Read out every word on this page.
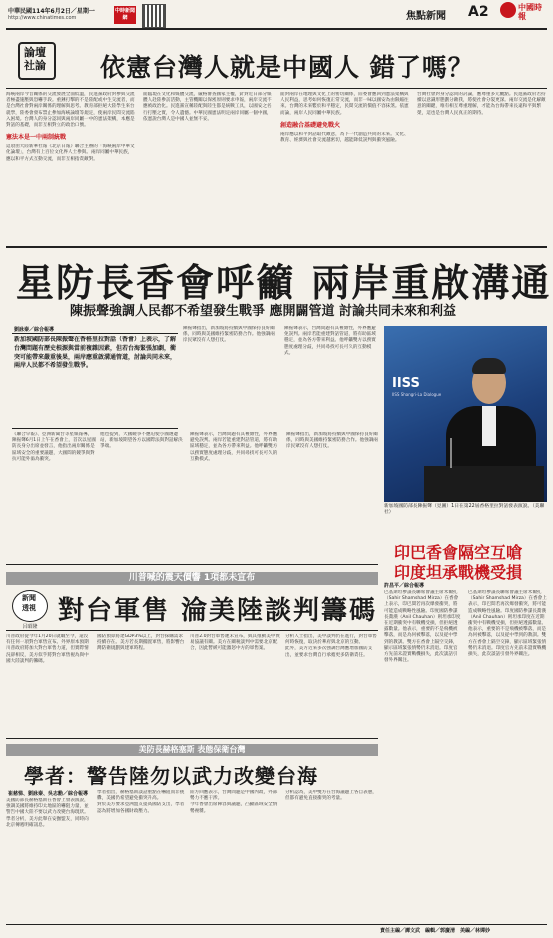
中華民國114年6月2日／星期一
http://www.chinatimes.com
中時新聞網	焦點新聞 A2	中國時報
論壇社論 依憲台灣人就是中國人 錯了嗎？
海峽兩岸今昔關係的交流發展全面低溫，民進黨政府對參與交流者極盡施壓與恐嚇手段。重錘打擊的不是陸配或中生交流者，而是台灣社會對兩岸關係的理解與思考。教育部拒絕大陸學生來台就學，陸委會發布禁止參加海峽論壇等規定，使兩岸民間交流陷入困境。台灣人的身分認同與兩岸同屬一中的憲法架構，本應是對話的基礎，而非互相對立的政治口號。
憲法本是一中兩制統戰
這項由大陸新華社報《北京日報》聯合主辦的「海峽兩岸中華文化論壇」，台灣有上百位文化界人士參與。兩岸同屬中華民族，應以和平方式互動交流，而非互相指責敵對。
面臨現在文化和媒體交流，嚴格審查國家主權，針對近日部分媒體人赴陸參訪活動，主管機關以保密原則要求申報，兩岸交流不應被政治化。民進黨宣稱陸配與陸生都是統戰工具，以國安之名行打壓之實，令人遺憾。中華民國憲法明定兩岸同屬一個中國，依憲說台灣人是中國人並無不妥。
面對兩岸在地理與文化上的密切關係，陸委會應回到憲法架構與人民利益，思考如何恢復正常交流，而非一味以國安為由限縮往來。台灣的未來繫於和平穩定，民間交流的價值不容抹煞。依憲而論，兩岸人民同屬中華民族。
創造融合基礎避免戰火
兩岸應以和平對話取代敵意，為下一代創造共同的未來。文化、教育、經濟與社會交流越密切，越能降低誤判與衝突風險。
台灣社會對身分認同的討論，應尊重多元觀點。民進黨政府若持續以意識形態劃分敵我，將使社會分裂更深。兩岸交流是化解敵意的關鍵，唯有相互尊重理解，才能為台海帶來長遠和平與繁榮，這也是台灣人民真正的期待。
星防長香會呼籲 兩岸重啟溝通
陳振聲強調人民都不希望發生戰爭 應開闢管道 討論共同未來和利益
劉詠秦／綜合報導
新加坡國防部長陳振聲在香格里拉對話（香會）上表示，了解台灣問題有歷史根源與當前複雜因素，但若台海緊張加劇，衝突可能帶來嚴重後果，兩岸應重啟溝通管道，討論共同未來，兩岸人民都不希望發生戰爭。
陳振聲指出，新加坡將持續與中國保持良好關係，同時與美國維持緊密防務合作。他強調兩岸民眾沒有人想打仗。
陳振聲表示，台灣問題有其複雜性，外界應避免誤判。兩岸若能重建對話管道，將有助區域穩定，並為各方帶來利益。他呼籲雙方以務實態度處理分歧，共同尋找可長可久的互動模式。
《聯合早報》、亞洲新聞台等星媒報導，陳振聲6月1日上午在香會上，首次以星國防長身分出席並發言，他指出兩岸關係是區域安全的重要議題，大國間的競爭與對抗可能外溢為衝突。
他也提到，大國競爭不應迫使小國選邊站，新加坡期望各方以國際法與對話解決爭端。
陳振聲表示，台灣問題有其複雜性，外界應避免誤判。兩岸若能重建對話管道，將有助區域穩定，並為各方帶來利益。他呼籲雙方以務實態度處理分歧，共同尋找可長可久的互動模式。
陳振聲指出，新加坡將持續與中國保持良好關係，同時與美國維持緊密防務合作。他強調兩岸民眾沒有人想打仗。
IISS
IISS Shangri-La Dialogue
新加坡國防部長陳振聲（見圖）1日在第22屆香格里拉對話發表演說。（美聯社）
印巴香會隔空互嗆
印度坦承戰機受損
川普喊的震天價響 1項都未宣布
新聞
透視
呂昭隆
對台軍售 淪美陸談判籌碼
川普政府從今年1月20日就職至今，還沒有任何一項對台軍售宣布。外界原本預期川普政府將加大對台軍售力道，但實際情況卻相反，美方似乎將對台軍售視為與中國大陸談判的籌碼。
國防預算將達GDP3%以上，對台採購需求持續存在。美方若長期擱置軍售，將影響台灣防衛規劃與建軍時程。
川普2.0對台軍售遲未宣布，與其推動美中貿易協議有關。美方在關稅談判中需要北京配合，因此暫緩可能激怒中方的軍售案。
分析人士指出，美中談判仍在進行，對台軍售何時恢復，取決於華府與北京的互動。
此外，美方近來多次強調台灣應增加國防支出，並要求台灣自行承擔更多防衛責任。
許昌平／綜合報導
巴基斯坦參謀長聯席會議主席米爾扎（Sahir Shamshad Mirza）在香會上表示，印巴間若再次爆發衝突，將可能造成戰略性風險。印度國防參謀長喬漢（Anil Chauhan）則坦承印度在近期衝突中有戰機受損，但拒絕透露數量。他表示，重要的不是飛機被擊落，而是為何被擊落，以及從中學到的教訓。雙方在香會上隔空交鋒，顯示區域緊張情勢仍未消退。印度官方先前未證實戰機損失，此次談話引發外界關注。
巴基斯坦參謀長聯席會議主席米爾扎（Sahir Shamshad Mirza）在香會上表示，印巴間若再次爆發衝突，將可能造成戰略性風險。印度國防參謀長喬漢（Anil Chauhan）則坦承印度在近期衝突中有戰機受損，但拒絕透露數量。他表示，重要的不是飛機被擊落，而是為何被擊落，以及從中學到的教訓。雙方在香會上隔空交鋒，顯示區域緊張情勢仍未消退。印度官方先前未證實戰機損失，此次談話引發外界關注。
美防長赫格塞斯 表態保衛台灣
學者：警告陸勿以武力改變台海
崔慈悌、劉詠秦、吳志勳／綜合報導
美國防部長赫格塞斯在香會上發表演說，強調美國將維持印太地區的嚇阻力量，並警告中國大陸不要以武力改變台海現狀。學者分析，美方此舉在安撫盟友，同時向北京傳遞明確訊息。
學者指出，赫格塞斯談話重點在嚇阻而非挑釁，美國仍希望避免衝突升高。
對於美方要求亞洲盟友提高國防支出，學者認為將增加各國財政壓力。
陸方回應表示，台灣問題是中國內政，外部勢力不應干涉。
今年香會出席陣容與議題，凸顯區域安全情勢複雜。
分析認為，美中雙方在台海議題上各自表態，但都有避免直接衝突的考量。
責任主編／譚文武　編輯／郭慶清　美編／林嬋妙
